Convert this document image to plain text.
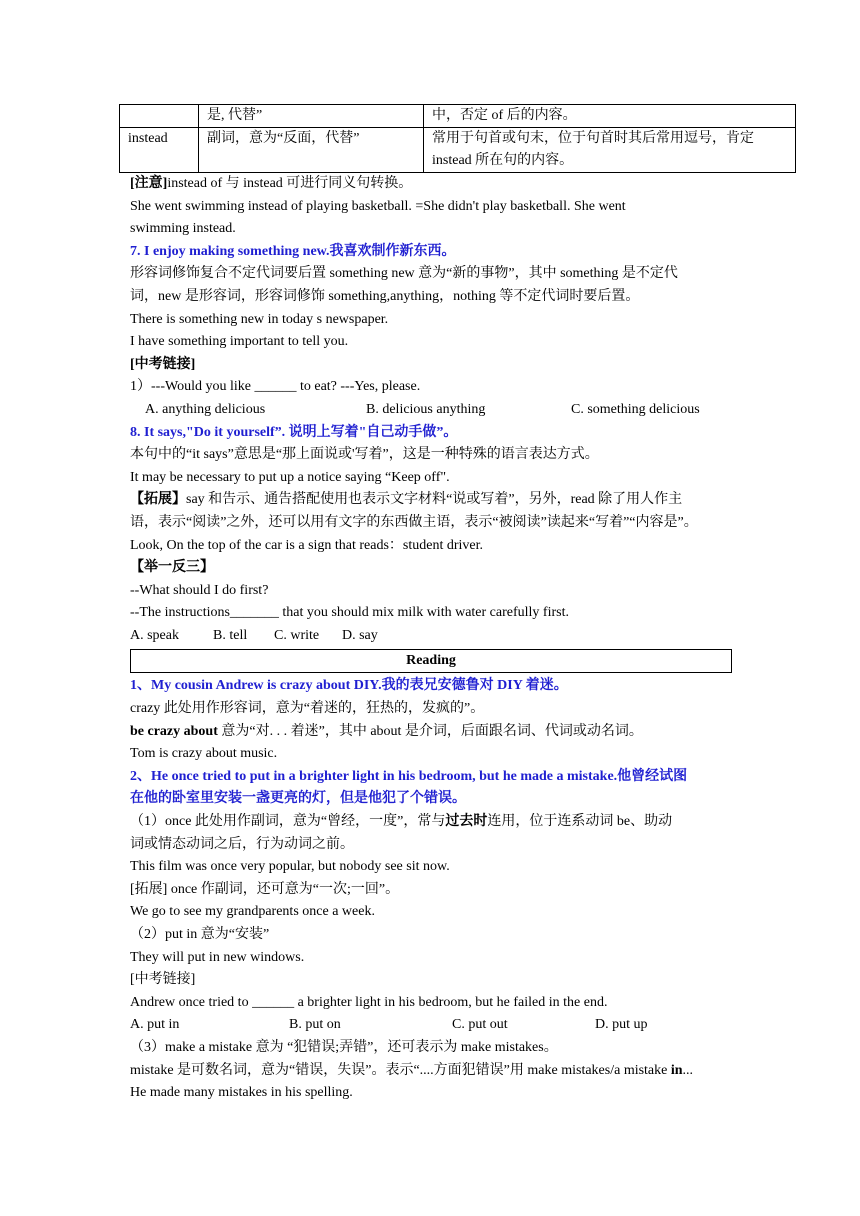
	是, 代替”	中，否定 of 后的内容。
instead	副词，意为“反面，代替”	常用于句首或句末，位于句首时其后常用逗号，肯定
instead 所在句的内容。
[注意]instead of 与 instead 可进行同义句转换。
She went swimming instead of playing basketball. =She didn't play basketball. She went
swimming instead.
7. I enjoy making something new.我喜欢制作新东西。
形容词修饰复合不定代词要后置 something new 意为“新的事物”，其中 something 是不定代
词，new 是形容词，形容词修饰 something,anything，nothing 等不定代词时要后置。
There is something new in today s newspaper.
I have something important to tell you.
[中考链接]
1）---Would you like ______ to eat? ---Yes, please.
A. anything delicious	B. delicious anything	C. something delicious
8. It says,"Do it yourself”. 说明上写着"自己动手做”。
本句中的“it says”意思是“那上面说或'写着”，这是一种特殊的语言表达方式。
It may be necessary to put up a notice saying “Keep off".
【拓展】say 和告示、通告搭配使用也表示文字材料“说或写着”，另外，read 除了用人作主
语，表示“阅读”之外，还可以用有文字的东西做主语，表示“被阅读”读起来“写着”“内容是”。
Look, On the top of the car is a sign that reads：student driver.
【举一反三】
--What should I do first?
--The instructions_______ that you should mix milk with water carefully first.
A. speak B. tell C. write D. say
Reading
1、My cousin Andrew is crazy about DIY.我的表兄安德鲁对 DIY 着迷。
crazy 此处用作形容词，意为“着迷的，狂热的，发疯的”。
be crazy about 意为“对. . . 着迷”，其中 about 是介词，后面跟名词、代词或动名词。
Tom is crazy about music.
2、He once tried to put in a brighter light in his bedroom, but he made a mistake.他曾经试图
在他的卧室里安装一盏更亮的灯，但是他犯了个错误。
（1）once 此处用作副词，意为“曾经，一度”，常与过去时连用，位于连系动词 be、助动
词或情态动词之后，行为动词之前。
This film was once very popular, but nobody see sit now.
[拓展] once 作副词，还可意为“一次;一回”。
We go to see my grandparents once a week.
（2）put in 意为“安装”
They will put in new windows.
[中考链接]
Andrew once tried to ______ a brighter light in his bedroom, but he failed in the end.
A. put in	B. put on	C. put out	D. put up
（3）make a mistake 意为 “犯错误;弄错”，还可表示为 make mistakes。
mistake 是可数名词，意为“错误，失误”。表示“....方面犯错误”用 make mistakes/a mistake in...
He made many mistakes in his spelling.
